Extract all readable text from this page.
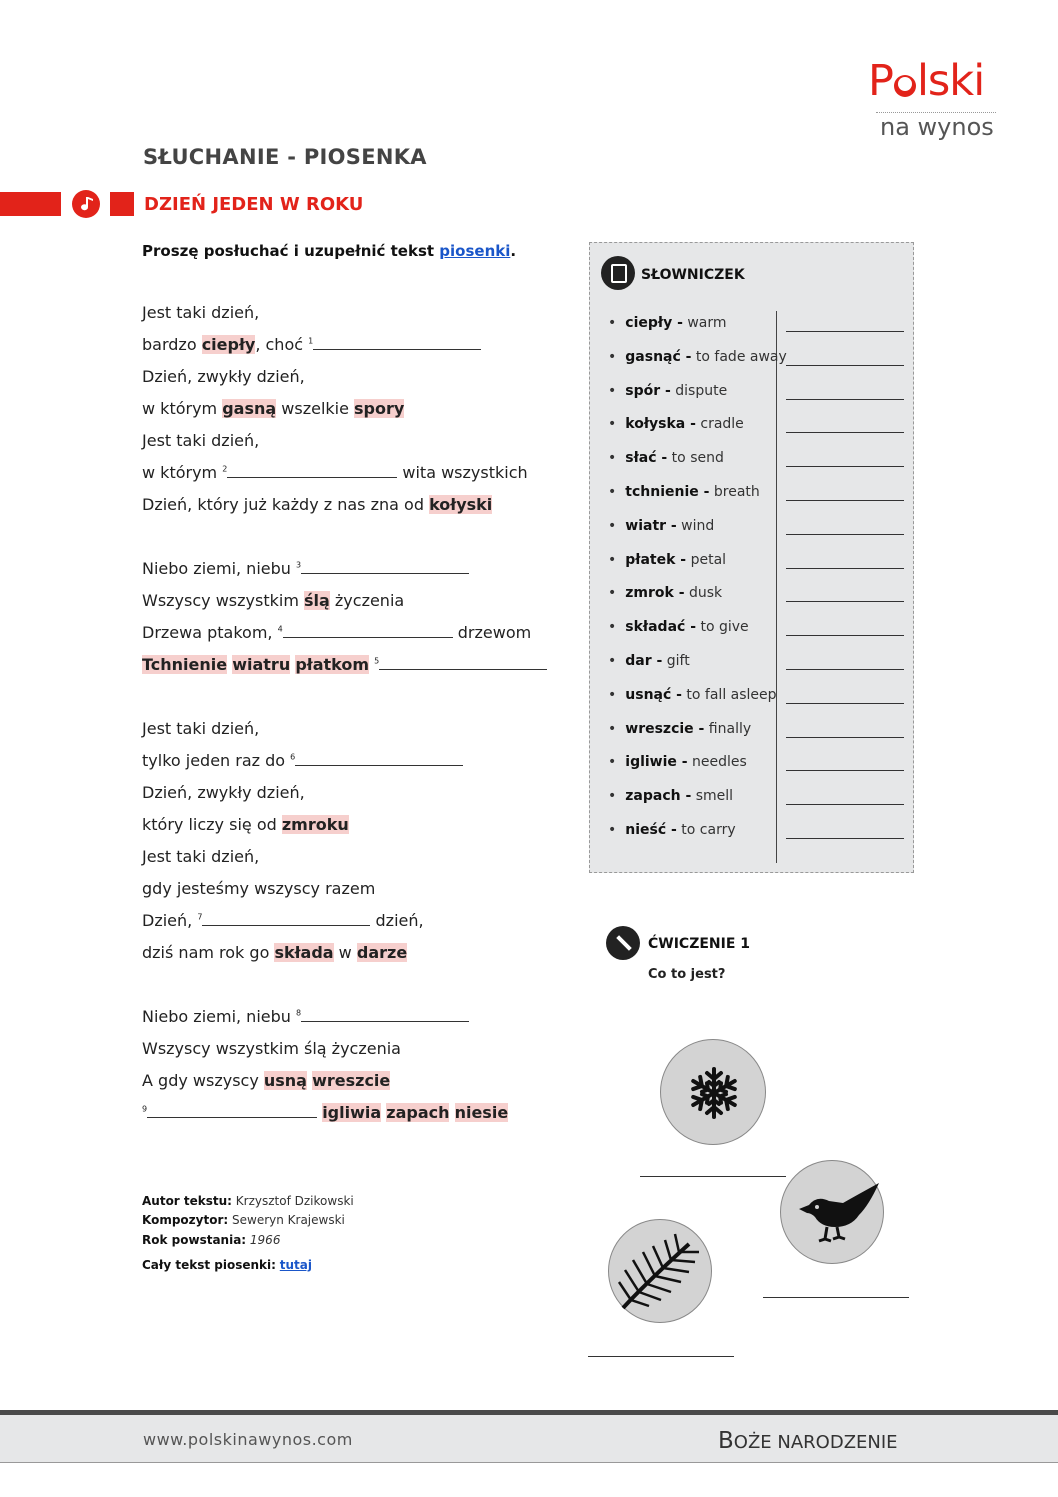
P lski
na wynos
SŁUCHANIE - PIOSENKA
DZIEŃ JEDEN W ROKU
Proszę posłuchać i uzupełnić tekst piosenki.
Jest taki dzień,
bardzo ciepły, choć $^1$
Dzień, zwykły dzień,
w którym gasną wszelkie spory
Jest taki dzień,
w którym $^2$	wita wszystkich
Dzień, który już każdy z nas zna od kołyski
Niebo ziemi, niebu $^3$
Wszyscy wszystkim ślą życzenia
Drzewa ptakom, $^4$	drzewom
Tchnienie wiatru płatkom $^5$
Jest taki dzień,
tylko jeden raz do $^6$
Dzień, zwykły dzień,
który liczy się od zmroku
Jest taki dzień,
gdy jesteśmy wszyscy razem
Dzień, $^7$	dzień,
dziś nam rok go składa w darze
Niebo ziemi, niebu $^8$
Wszyscy wszystkim ślą życzenia
A gdy wszyscy usną wreszcie
$^9$	igliwia zapach niesie
Autor tekstu: Krzysztof Dzikowski
Kompozytor: Seweryn Krajewski
Rok powstania: 1966
Cały tekst piosenki: tutaj
SŁOWNICZEK
• ciepły - warm
• gasnąć - to fade away
• spór - dispute
• kołyska - cradle
• słać - to send
• tchnienie - breath
• wiatr - wind
• płatek - petal
• zmrok - dusk
• składać - to give
• dar - gift
• usnąć - to fall asleep
• wreszcie - finally
• igliwie - needles
• zapach - smell
• nieść - to carry
ĆWICZENIE 1
Co to jest?
www.polskinawynos.com	BOŻE NARODZENIE
